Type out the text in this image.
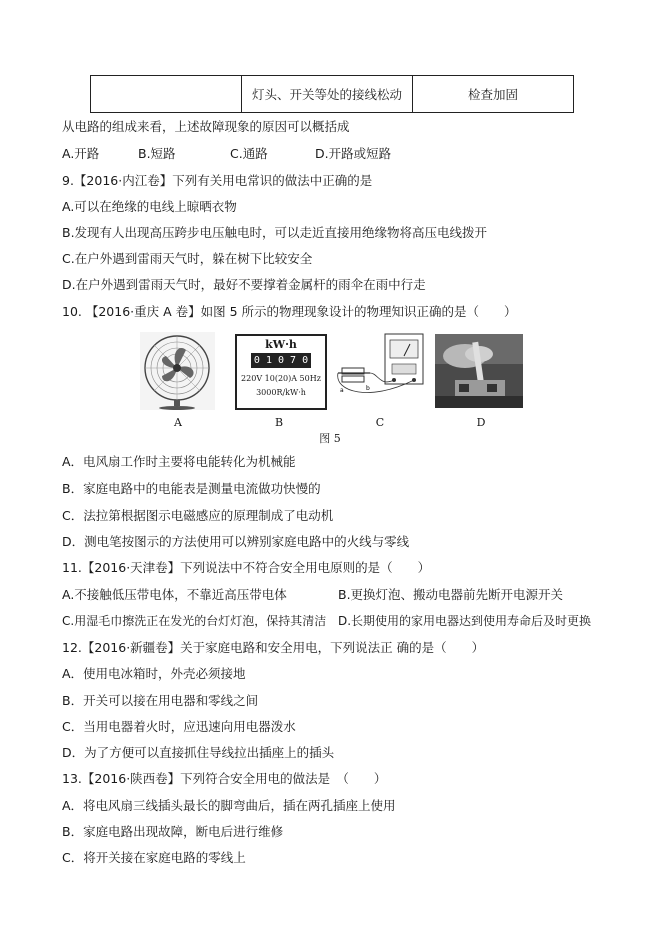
	灯头、开关等处的接线松动	检查加固
从电路的组成来看，上述故障现象的原因可以概括成
A.开路	B.短路	C.通路	D.开路或短路
9.【2016·内江卷】下列有关用电常识的做法中正确的是
A.可以在绝缘的电线上晾晒衣物
B.发现有人出现高压跨步电压触电时，可以走近直接用绝缘物将高压电线拨开
C.在户外遇到雷雨天气时，躲在树下比较安全
D.在户外遇到雷雨天气时，最好不要撑着金属杆的雨伞在雨中行走
10. 【2016·重庆 A 卷】如图 5 所示的物理现象设计的物理知识正确的是（　　）
kW·h
0 1 0 7 0
220V 10(20)A 50Hz
3000R/kW·h	a	b
A	B	C	D
图 5
A．电风扇工作时主要将电能转化为机械能
B．家庭电路中的电能表是测量电流做功快慢的
C．法拉第根据图示电磁感应的原理制成了电动机
D．测电笔按图示的方法使用可以辨别家庭电路中的火线与零线
11.【2016·天津卷】下列说法中不符合安全用电原则的是（　　）
A.不接触低压带电体，不靠近高压带电体	B.更换灯泡、搬动电器前先断开电源开关
C.用湿毛巾擦洗正在发光的台灯灯泡，保持其清洁 D.长期使用的家用电器达到使用寿命后及时更换
12.【2016·新疆卷】关于家庭电路和安全用电，下列说法正 确的是（　　）
A．使用电冰箱时，外壳必须接地
B．开关可以接在用电器和零线之间
C．当用电器着火时，应迅速向用电器泼水
D．为了方便可以直接抓住导线拉出插座上的插头
13.【2016·陕西卷】下列符合安全用电的做法是　（　　）
A．将电风扇三线插头最长的脚弯曲后，插在两孔插座上使用
B．家庭电路出现故障，断电后进行维修
C．将开关接在家庭电路的零线上
